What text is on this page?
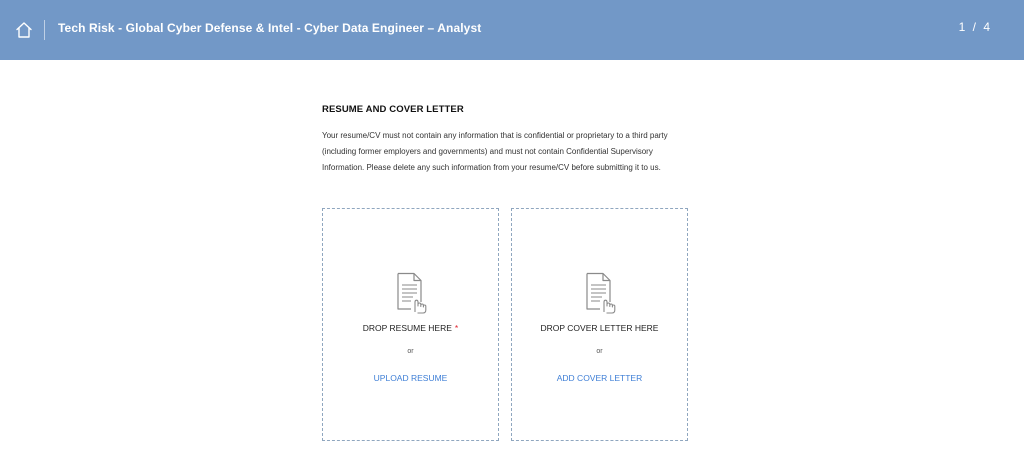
Tech Risk - Global Cyber Defense & Intel - Cyber Data Engineer – Analyst	1 / 4
RESUME AND COVER LETTER

Your resume/CV must not contain any information that is confidential or proprietary to a third party (including former employers and governments) and must not contain Confidential Supervisory Information. Please delete any such information from your resume/CV before submitting it to us.

DROP RESUME HERE *
or
UPLOAD RESUME
DROP COVER LETTER HERE
or
ADD COVER LETTER
